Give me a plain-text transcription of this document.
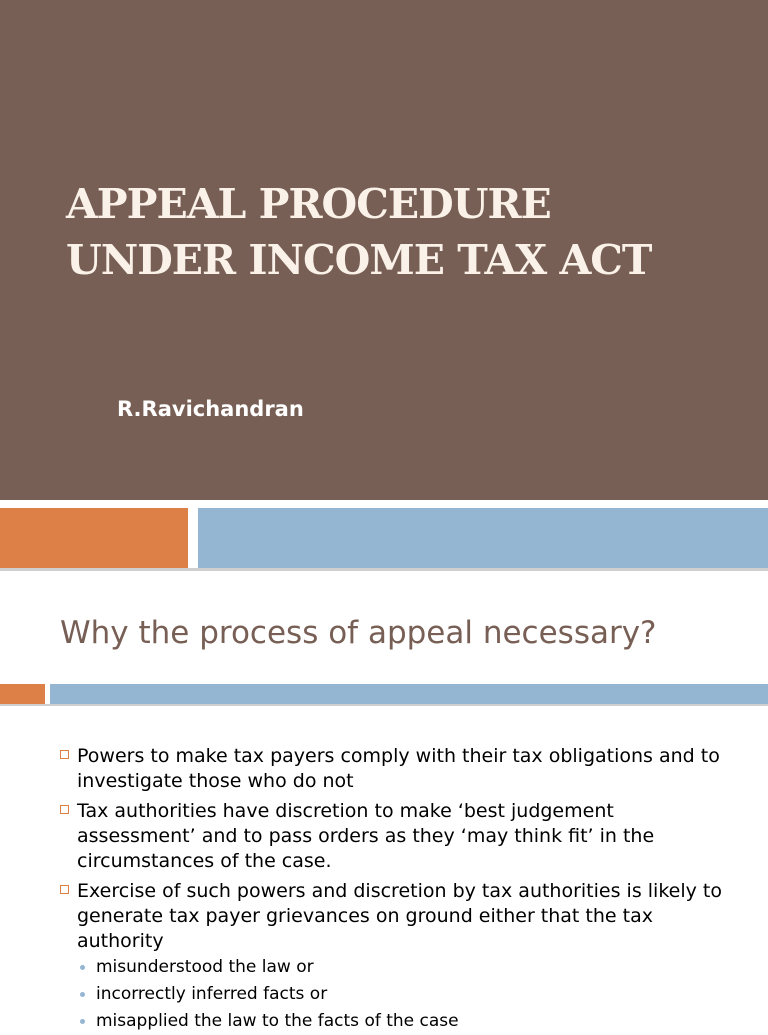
APPEAL PROCEDURE
UNDER INCOME TAX ACT
R.Ravichandran
Why the process of appeal necessary?
Powers to make tax payers comply with their tax obligations and to investigate those who do not
Tax authorities have discretion to make ‘best judgement assessment’ and to pass orders as they ‘may think fit’ in the circumstances of the case.
Exercise of such powers and discretion by tax authorities is likely to generate tax payer grievances on ground either that the tax authority
misunderstood the law or
incorrectly inferred facts or
misapplied the law to the facts of the case
